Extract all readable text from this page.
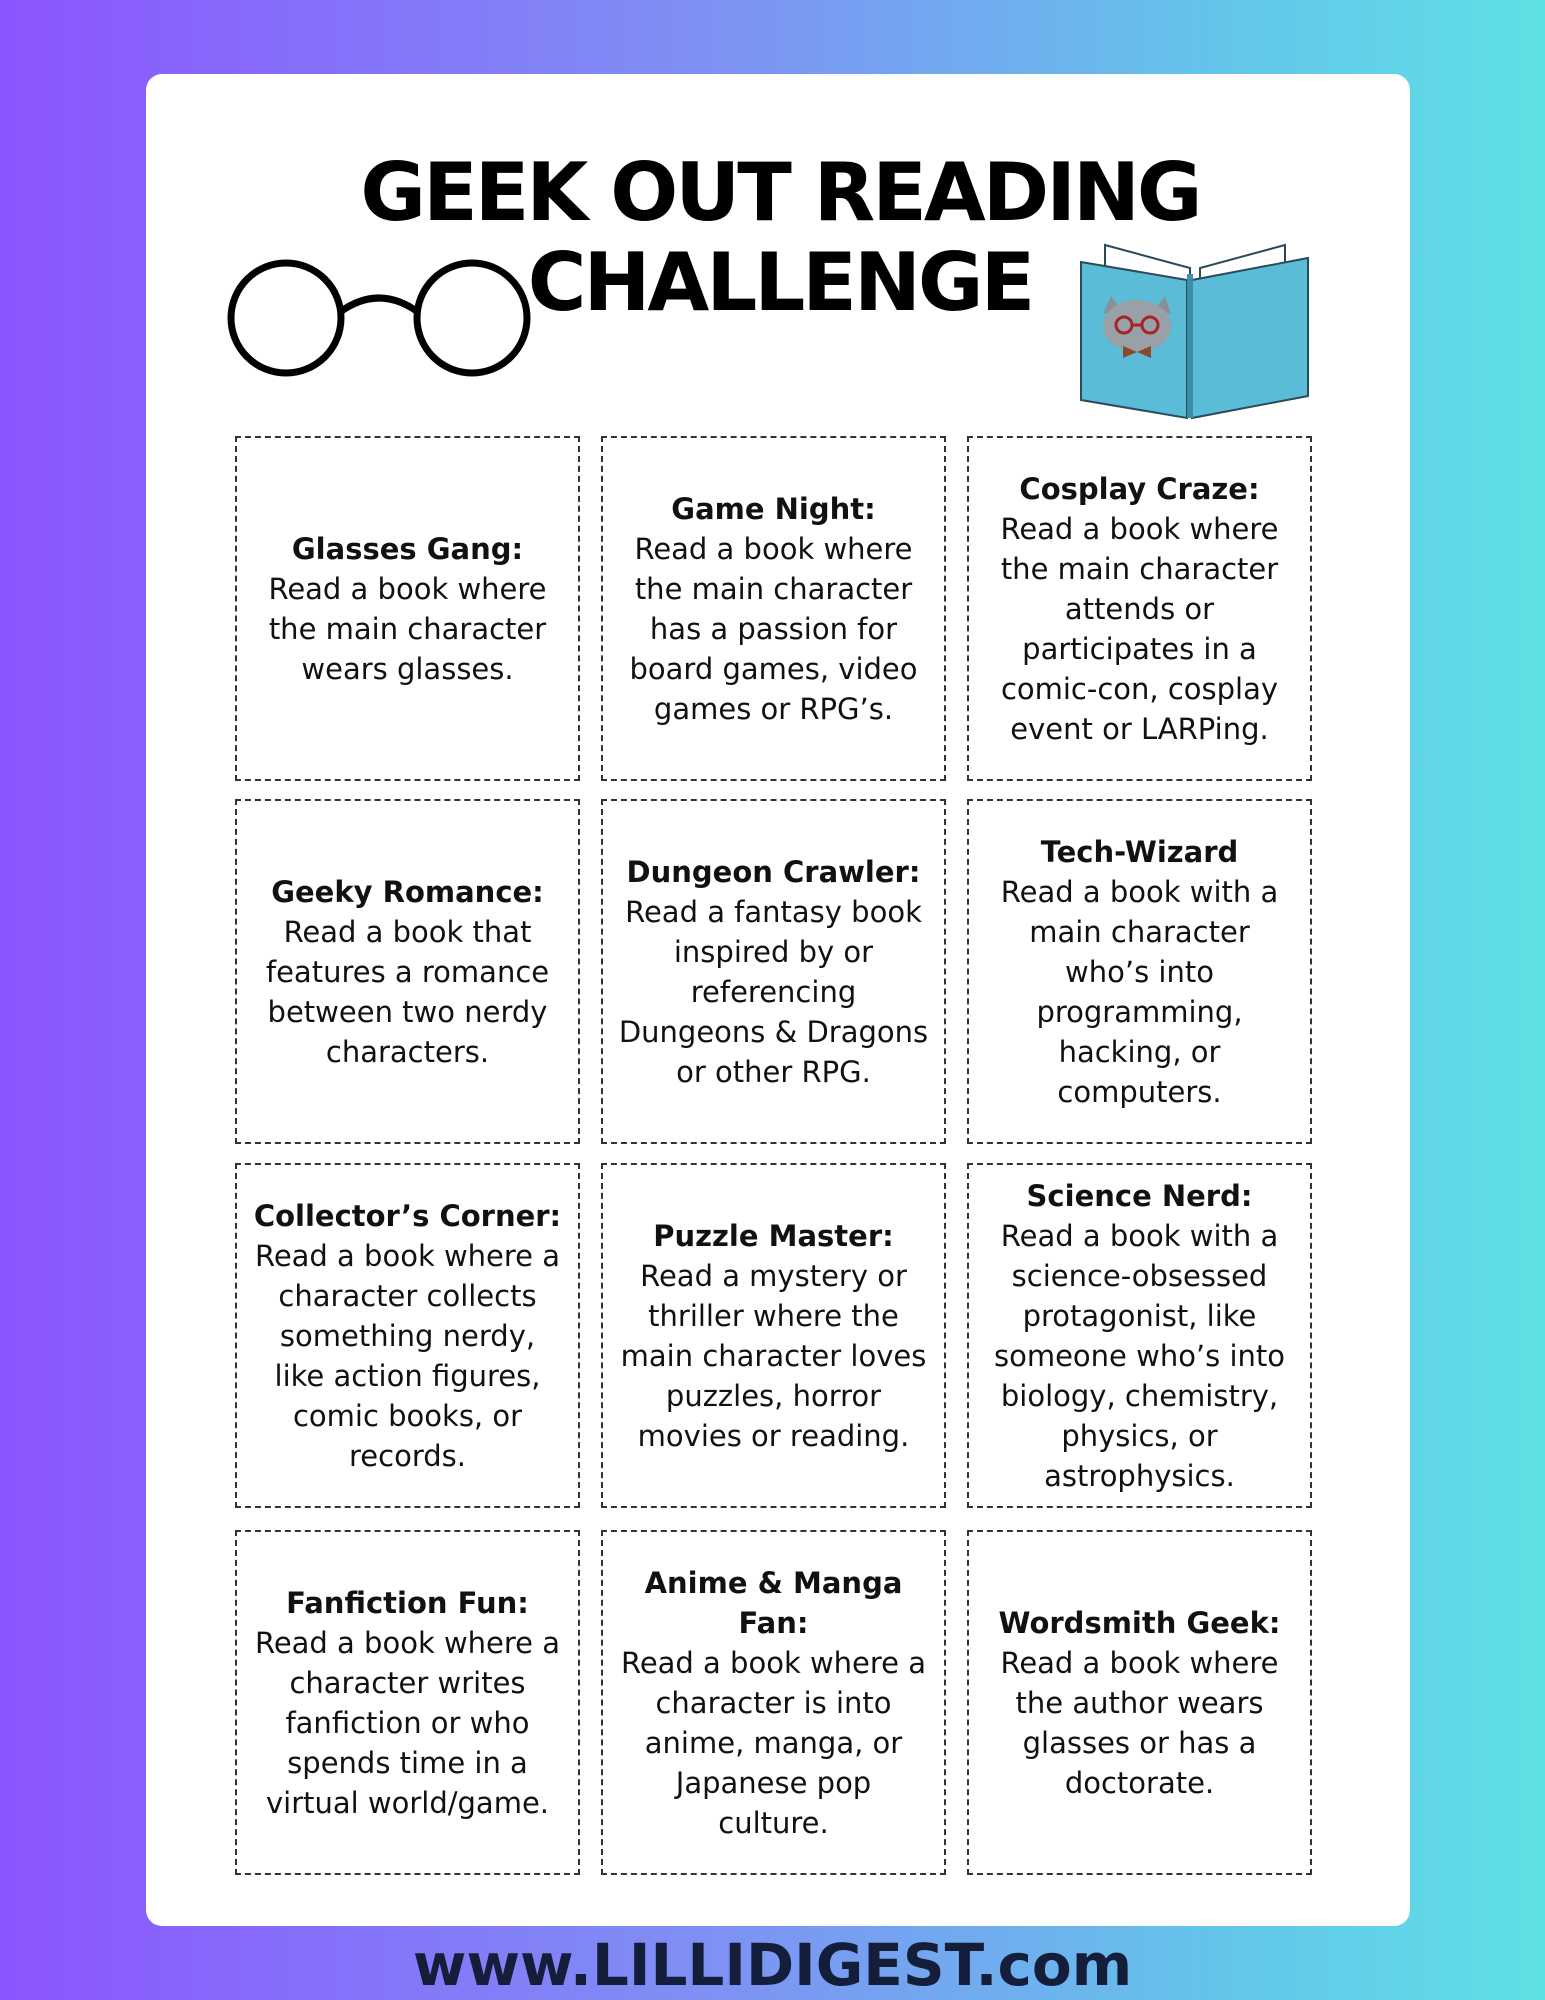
GEEK OUT READING
CHALLENGE
Glasses Gang:
Read a book where the main character wears glasses.
Game Night:
Read a book where the main character has a passion for board games, video games or RPG’s.
Cosplay Craze:
Read a book where the main character attends or participates in a comic-con, cosplay event or LARPing.
Geeky Romance:
Read a book that features a romance between two nerdy characters.
Dungeon Crawler:
Read a fantasy book inspired by or referencing Dungeons & Dragons or other RPG.
Tech-Wizard
Read a book with a main character who’s into programming, hacking, or computers.
Collector’s Corner:
Read a book where a character collects something nerdy, like action figures, comic books, or records.
Puzzle Master:
Read a mystery or thriller where the main character loves puzzles, horror movies or reading.
Science Nerd:
Read a book with a science-obsessed protagonist, like someone who’s into biology, chemistry, physics, or astrophysics.
Fanfiction Fun:
Read a book where a character writes fanfiction or who spends time in a virtual world/game.
Anime & Manga Fan:
Read a book where a character is into anime, manga, or Japanese pop culture.
Wordsmith Geek:
Read a book where the author wears glasses or has a doctorate.
www.LILLIDIGEST.com
